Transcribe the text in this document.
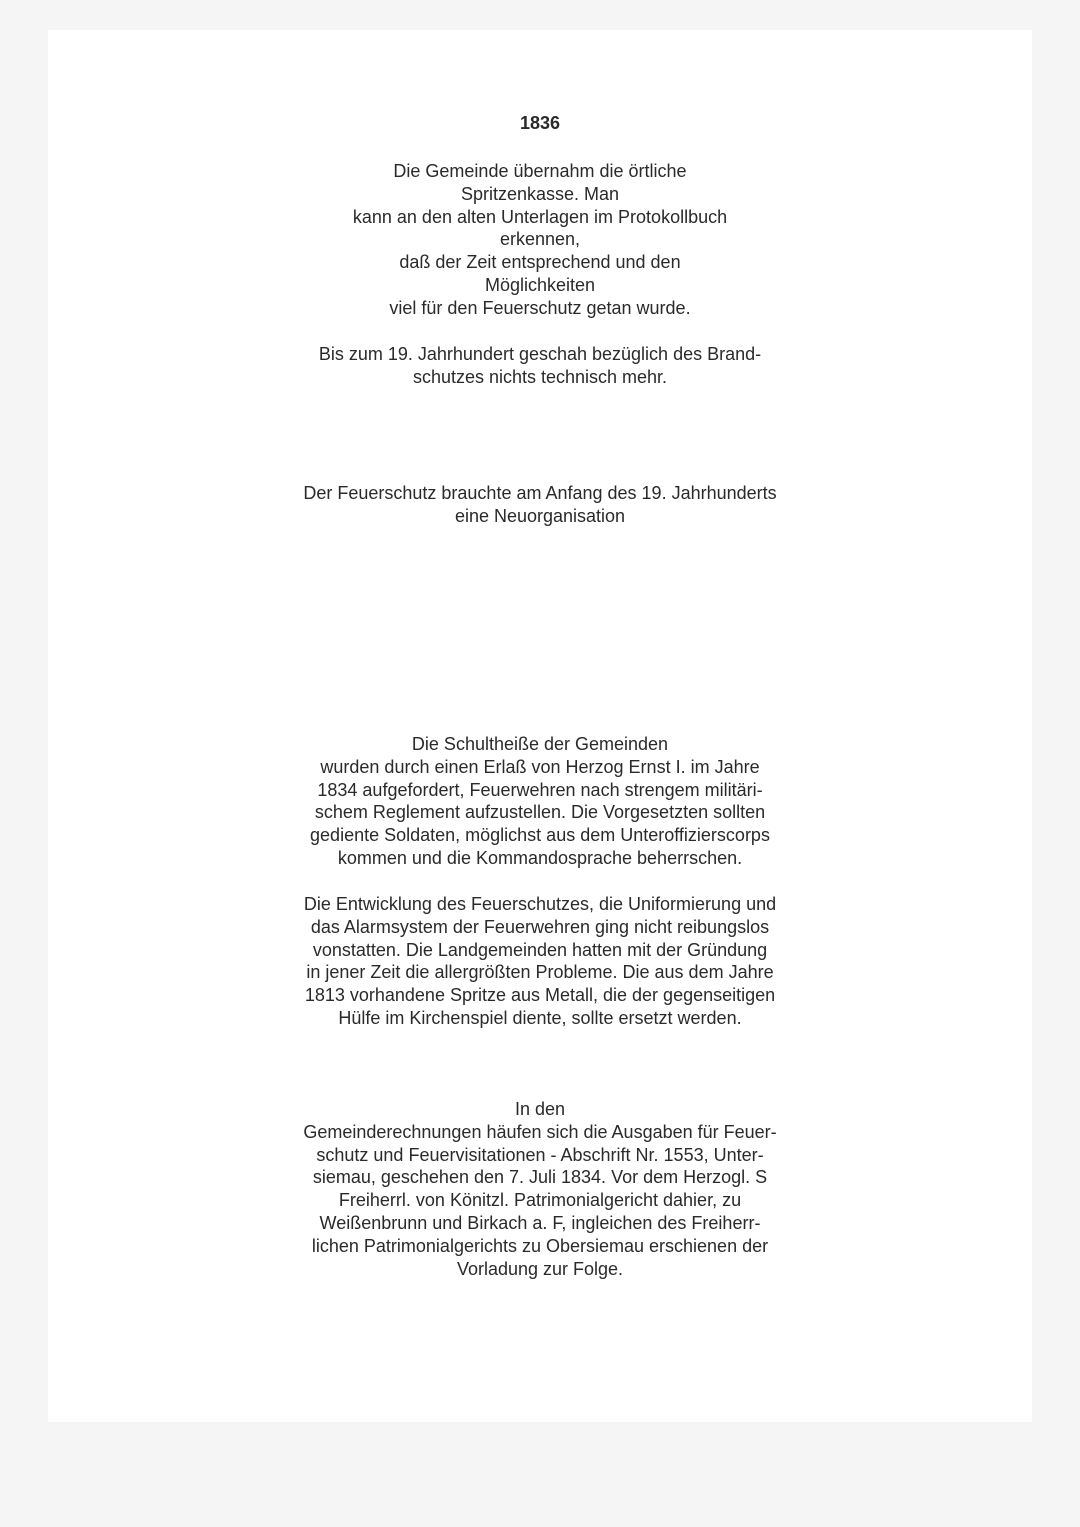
1836
Die Gemeinde übernahm die örtliche
Spritzenkasse. Man
kann an den alten Unterlagen im Protokollbuch
erkennen,
daß der Zeit entsprechend und den
Möglichkeiten
viel für den Feuerschutz getan wurde.
Bis zum 19. Jahrhundert geschah bezüglich des Brand-
schutzes nichts technisch mehr.
Der Feuerschutz brauchte am Anfang des 19. Jahrhunderts
eine Neuorganisation
Die Schultheiße der Gemeinden
wurden durch einen Erlaß von Herzog Ernst I. im Jahre
1834 aufgefordert, Feuerwehren nach strengem militäri-
schem Reglement aufzustellen. Die Vorgesetzten sollten
gediente Soldaten, möglichst aus dem Unteroffizierscorps
kommen und die Kommandosprache beherrschen.
Die Entwicklung des Feuerschutzes, die Uniformierung und
das Alarmsystem der Feuerwehren ging nicht reibungslos
vonstatten. Die Landgemeinden hatten mit der Gründung
in jener Zeit die allergrößten Probleme. Die aus dem Jahre
1813 vorhandene Spritze aus Metall, die der gegenseitigen
Hülfe im Kirchenspiel diente, sollte ersetzt werden.
In den
Gemeinderechnungen häufen sich die Ausgaben für Feuer-
schutz und Feuervisitationen - Abschrift Nr. 1553, Unter-
siemau, geschehen den 7. Juli 1834. Vor dem Herzogl. S
Freiherrl. von Könitzl. Patrimonialgericht dahier, zu
Weißenbrunn und Birkach a. F, ingleichen des Freiherr-
lichen Patrimonialgerichts zu Obersiemau erschienen der
Vorladung zur Folge.
